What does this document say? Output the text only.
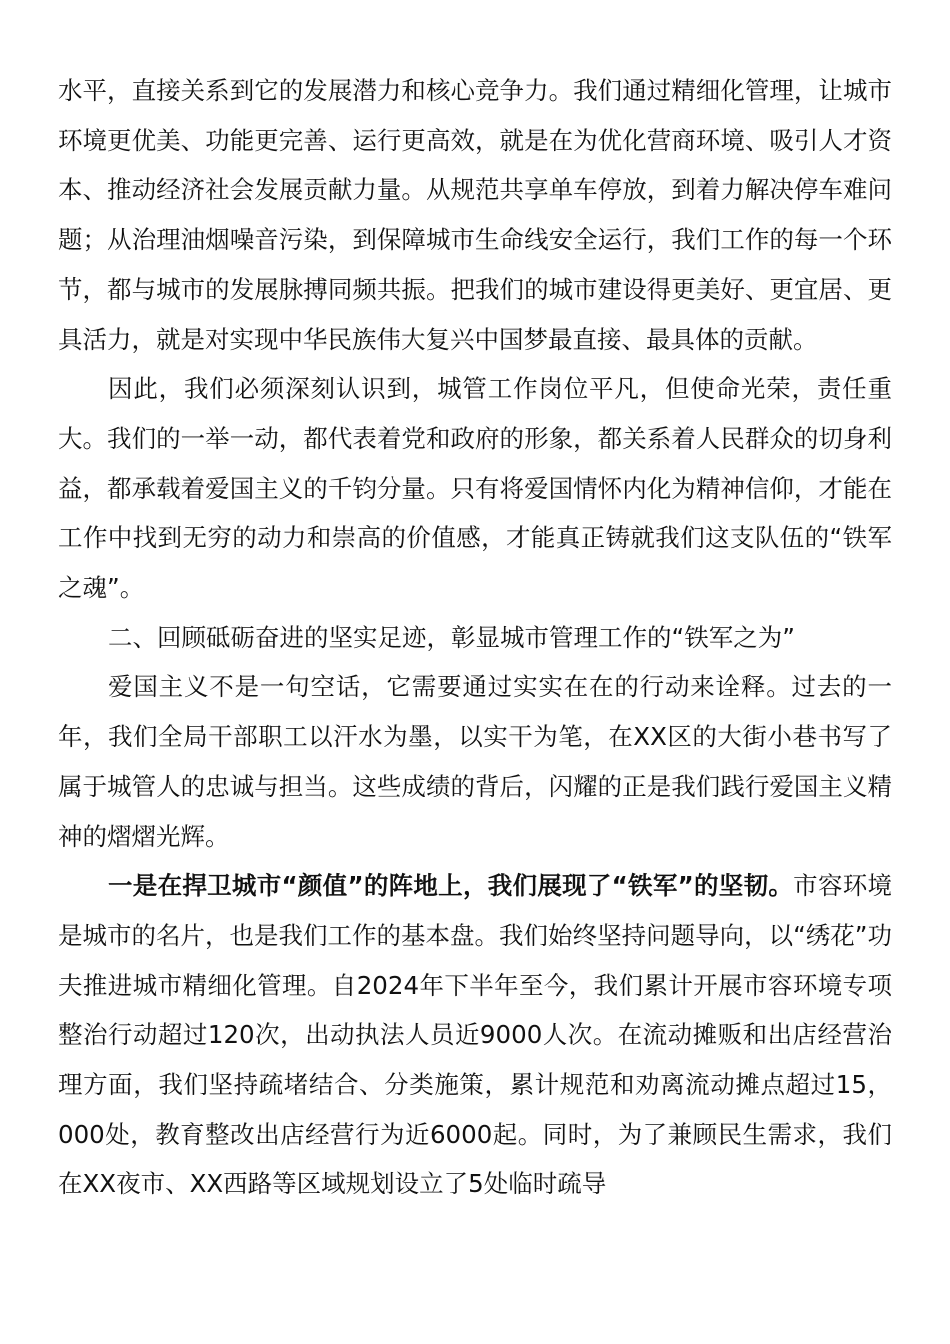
水平，直接关系到它的发展潜力和核心竞争力。我们通过精细化管理，让城市环境更优美、功能更完善、运行更高效，就是在为优化营商环境、吸引人才资本、推动经济社会发展贡献力量。从规范共享单车停放，到着力解决停车难问题；从治理油烟噪音污染，到保障城市生命线安全运行，我们工作的每一个环节，都与城市的发展脉搏同频共振。把我们的城市建设得更美好、更宜居、更具活力，就是对实现中华民族伟大复兴中国梦最直接、最具体的贡献。

因此，我们必须深刻认识到，城管工作岗位平凡，但使命光荣，责任重大。我们的一举一动，都代表着党和政府的形象，都关系着人民群众的切身利益，都承载着爱国主义的千钧分量。只有将爱国情怀内化为精神信仰，才能在工作中找到无穷的动力和崇高的价值感，才能真正铸就我们这支队伍的“铁军之魂”。

二、回顾砥砺奋进的坚实足迹，彰显城市管理工作的“铁军之为”

爱国主义不是一句空话，它需要通过实实在在的行动来诠释。过去的一年，我们全局干部职工以汗水为墨，以实干为笔，在XX区的大街小巷书写了属于城管人的忠诚与担当。这些成绩的背后，闪耀的正是我们践行爱国主义精神的熠熠光辉。

一是在捍卫城市“颜值”的阵地上，我们展现了“铁军”的坚韧。市容环境是城市的名片，也是我们工作的基本盘。我们始终坚持问题导向，以“绣花”功夫推进城市精细化管理。自2024年下半年至今，我们累计开展市容环境专项整治行动超过120次，出动执法人员近9000人次。在流动摊贩和出店经营治理方面，我们坚持疏堵结合、分类施策，累计规范和劝离流动摊点超过15，000处，教育整改出店经营行为近6000起。同时，为了兼顾民生需求，我们在XX夜市、XX西路等区域规划设立了5处临时疏导
